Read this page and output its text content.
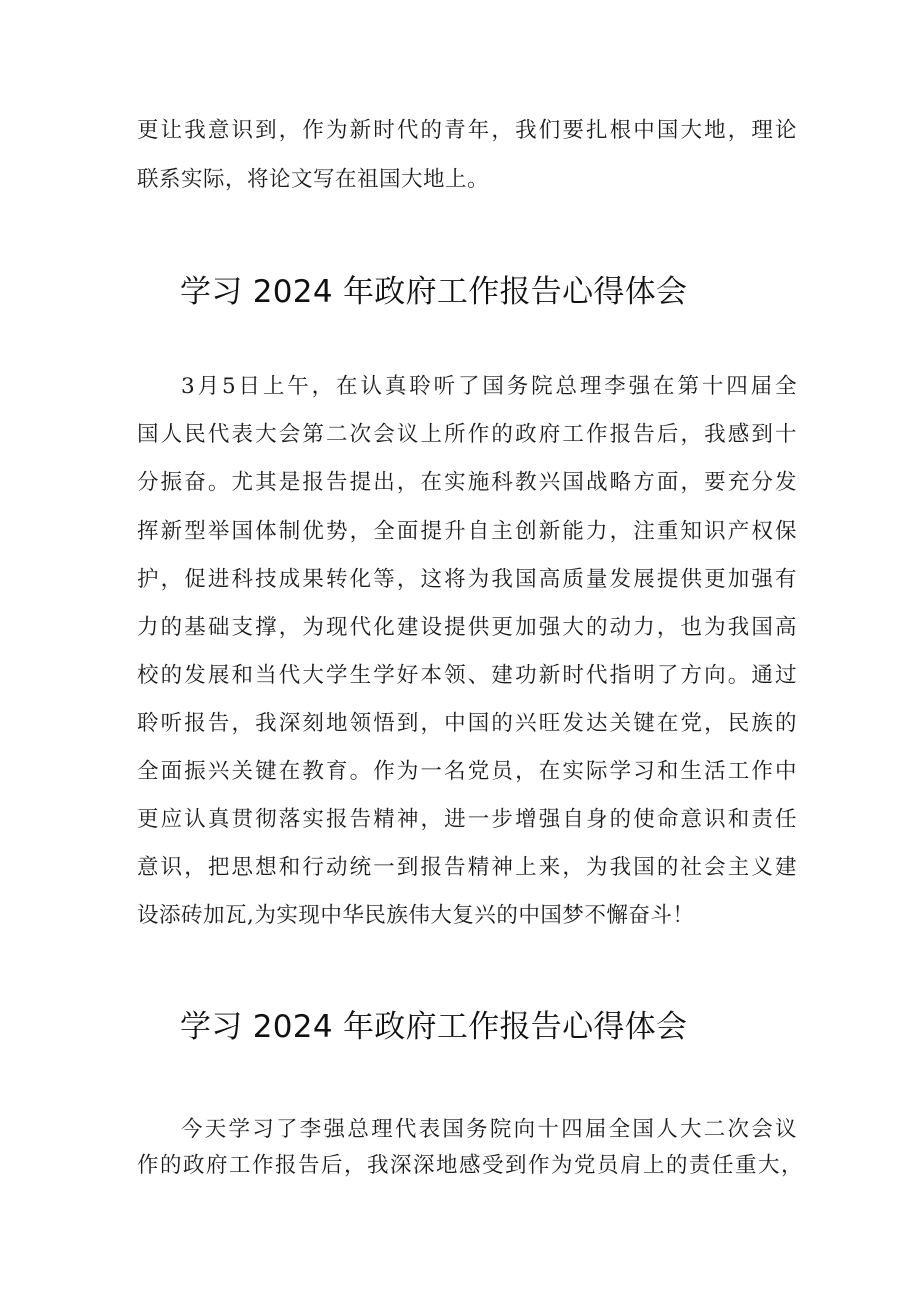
更让我意识到，作为新时代的青年，我们要扎根中国大地，理论
联系实际，将论文写在祖国大地上。
学习 2024 年政府工作报告心得体会
3月5日上午，在认真聆听了国务院总理李强在第十四届全
国人民代表大会第二次会议上所作的政府工作报告后，我感到十
分振奋。尤其是报告提出，在实施科教兴国战略方面，要充分发
挥新型举国体制优势，全面提升自主创新能力，注重知识产权保
护，促进科技成果转化等，这将为我国高质量发展提供更加强有
力的基础支撑，为现代化建设提供更加强大的动力，也为我国高
校的发展和当代大学生学好本领、建功新时代指明了方向。通过
聆听报告，我深刻地领悟到，中国的兴旺发达关键在党，民族的
全面振兴关键在教育。作为一名党员，在实际学习和生活工作中
更应认真贯彻落实报告精神，进一步增强自身的使命意识和责任
意识，把思想和行动统一到报告精神上来，为我国的社会主义建
设添砖加瓦,为实现中华民族伟大复兴的中国梦不懈奋斗！
学习 2024 年政府工作报告心得体会
今天学习了李强总理代表国务院向十四届全国人大二次会议
作的政府工作报告后，我深深地感受到作为党员肩上的责任重大，
